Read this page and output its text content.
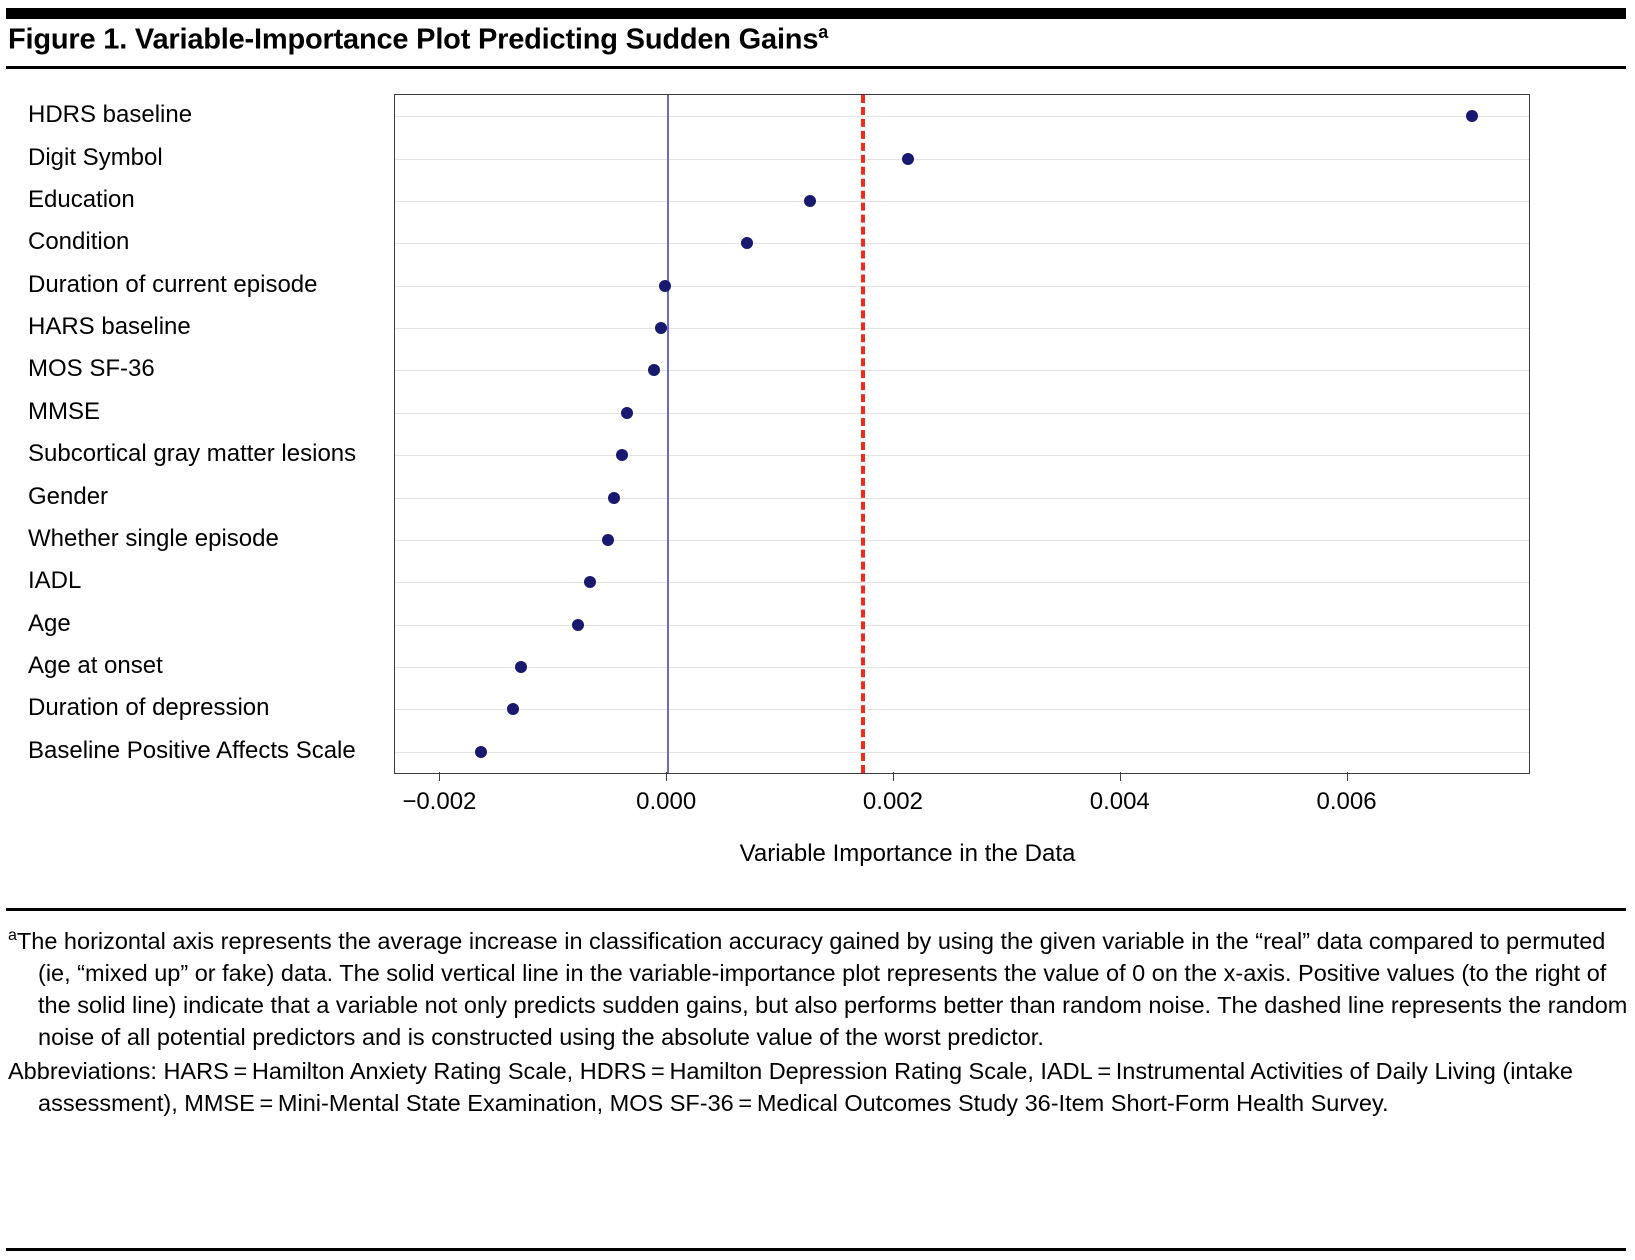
Figure 1. Variable-Importance Plot Predicting Sudden Gains$^a$
HDRS baseline
Digit Symbol
Education
Condition
Duration of current episode
HARS baseline
MOS SF-36
MMSE
Subcortical gray matter lesions
Gender
Whether single episode
IADL
Age
Age at onset
Duration of depression
Baseline Positive Affects Scale
−0.002	0.000	0.002	0.004	0.006
Variable Importance in the Data

$^a$The horizontal axis represents the average increase in classification accuracy gained by using the given variable in the “real” data compared to permuted (ie, “mixed up” or fake) data. The solid vertical line in the variable-importance plot represents the value of 0 on the x-axis. Positive values (to the right of the solid line) indicate that a variable not only predicts sudden gains, but also performs better than random noise. The dashed line represents the random noise of all potential predictors and is constructed using the absolute value of the worst predictor.

Abbreviations: HARS = Hamilton Anxiety Rating Scale, HDRS = Hamilton Depression Rating Scale, IADL = Instrumental Activities of Daily Living (intake assessment), MMSE = Mini-Mental State Examination, MOS SF-36 = Medical Outcomes Study 36-Item Short-Form Health Survey.
